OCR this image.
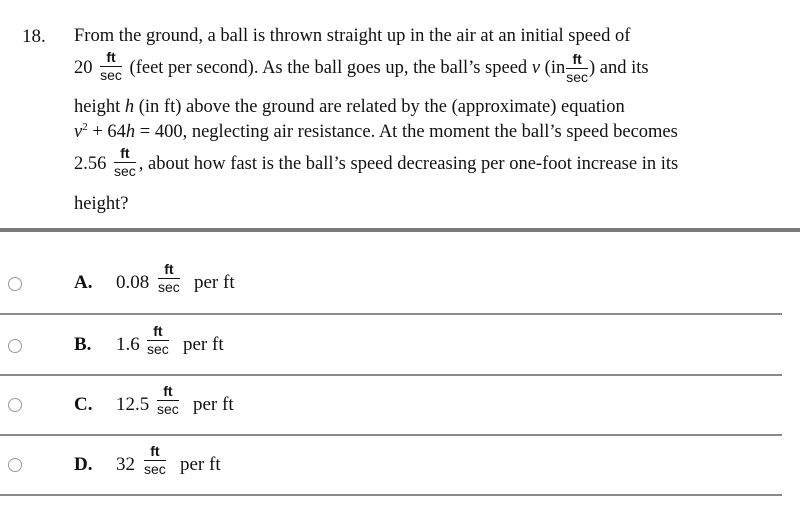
18. From the ground, a ball is thrown straight up in the air at an initial speed of
$20 \frac{ft}{\sec}$ (feet per second). As the ball goes up, the ball’s speed v ($in \frac{ft}{\sec}$ ) and its
height h (in ft) above the ground are related by the (approximate) equation
$v^2 + 64h = 400$, neglecting air resistance. At the moment the ball’s speed becomes
$2.56 \frac{ft}{\sec}$ , about how fast is the ball’s speed decreasing per one-foot increase in its
height?
A. $0.08 \frac{ft}{\sec}$ per ft
B. $1.6 \frac{ft}{\sec}$ per ft
C. $12.5 \frac{ft}{\sec}$ per ft
D. $32 \frac{ft}{\sec}$ per ft
